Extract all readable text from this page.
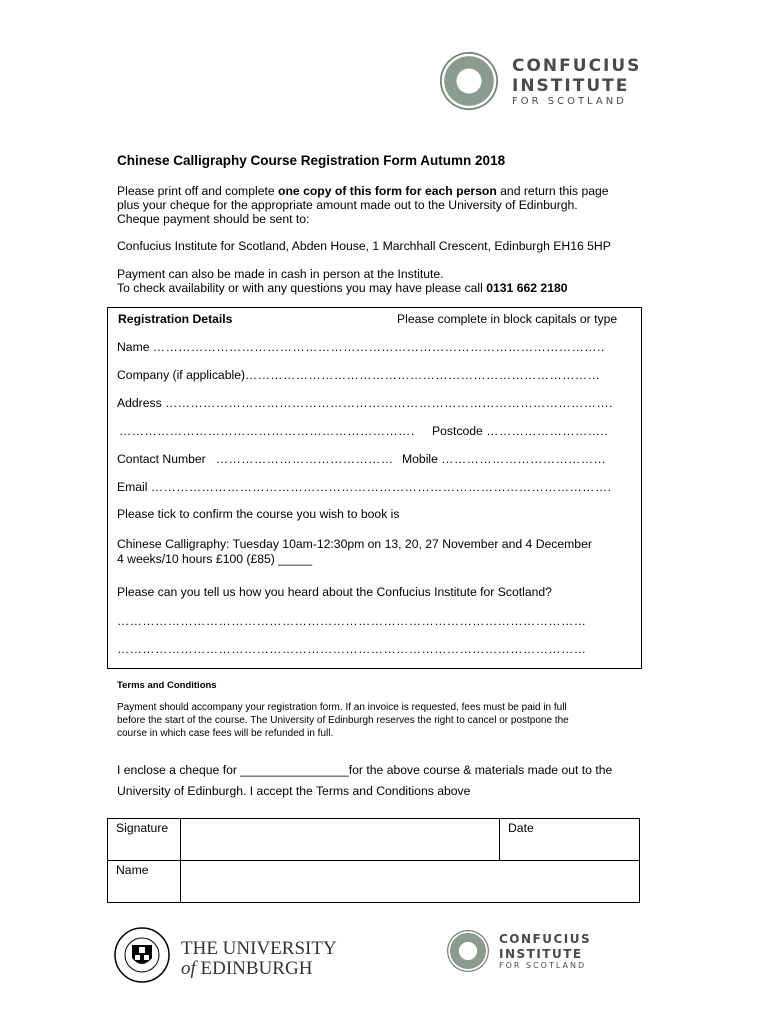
CONFUCIUS
INSTITUTE
FOR SCOTLAND
Chinese Calligraphy Course Registration Form Autumn 2018

Please print off and complete one copy of this form for each person and return this page

plus your cheque for the appropriate amount made out to the University of Edinburgh.

Cheque payment should be sent to:

Confucius Institute for Scotland, Abden House, 1 Marchhall Crescent, Edinburgh EH16 5HP

Payment can also be made in cash in person at the Institute.

To check availability or with any questions you may have please call 0131 662 2180

Registration Details	Please complete in block capitals or type
Name ……………………………………………………………………………………………..
Company (if applicable)…………………………………………………………………………
Address …………………………………………………………………………………………….
……………………………………………………………. Postcode ………………………..
Contact Number …………………………………… Mobile …………………………………
Email ……………………………………………………………………………………………….
Please tick to confirm the course you wish to book is
Chinese Calligraphy: Tuesday 10am-12:30pm on 13, 20, 27 November and 4 December
4 weeks/10 hours £100 (£85) _____
Please can you tell us how you heard about the Confucius Institute for Scotland?
…………………………………………………………………………………………………
…………………………………………………………………………………………………
Terms and Conditions
Payment should accompany your registration form. If an invoice is requested, fees must be paid in full
before the start of the course. The University of Edinburgh reserves the right to cancel or postpone the
course in which case fees will be refunded in full.
I enclose a cheque for ________________for the above course & materials made out to the
University of Edinburgh. I accept the Terms and Conditions above
Signature		Date
Name		
THE UNIVERSITY
of EDINBURGH
CONFUCIUS
INSTITUTE
FOR SCOTLAND
